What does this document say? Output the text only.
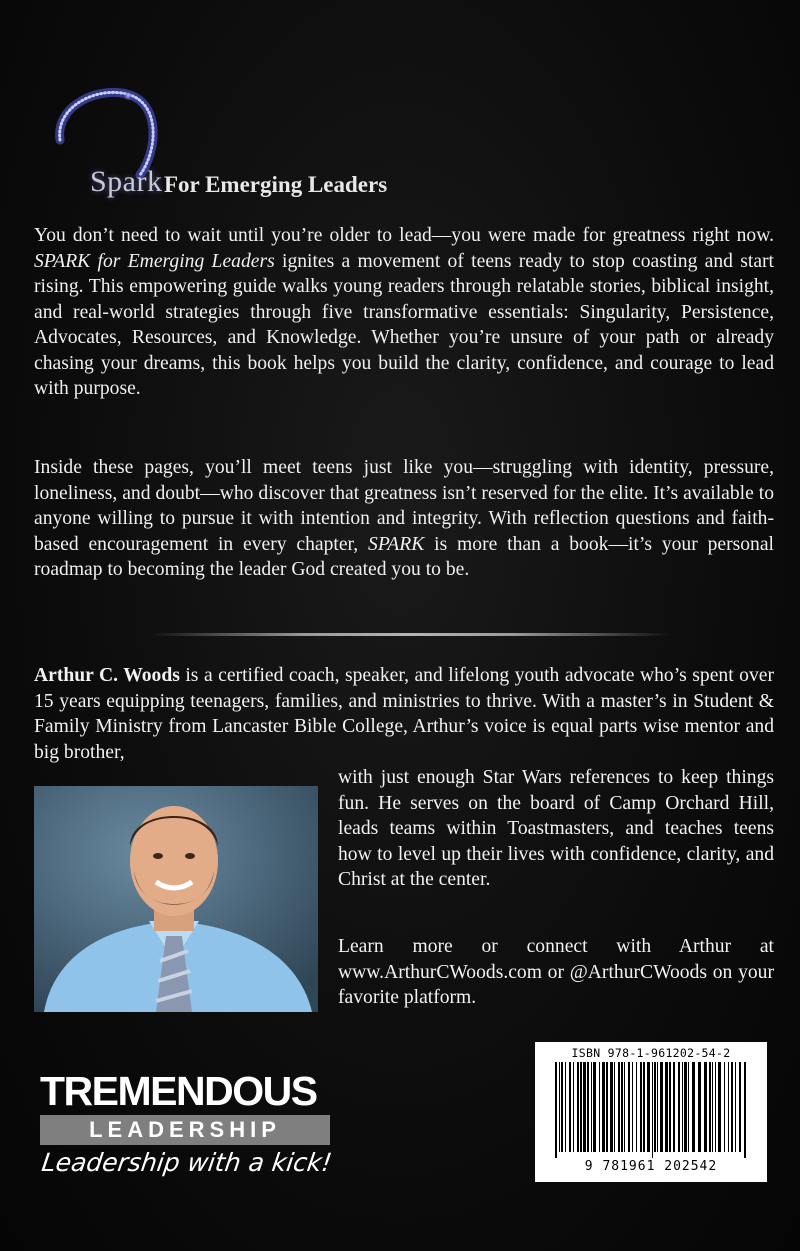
Spark For Emerging Leaders
You don’t need to wait until you’re older to lead—you were made for greatness right now. SPARK for Emerging Leaders ignites a movement of teens ready to stop coasting and start rising. This empowering guide walks young readers through relatable stories, biblical insight, and real-world strategies through five transformative essentials: Singularity, Persistence, Advocates, Resources, and Knowledge. Whether you’re unsure of your path or already chasing your dreams, this book helps you build the clarity, confidence, and courage to lead with purpose.
Inside these pages, you’ll meet teens just like you—struggling with identity, pressure, loneliness, and doubt—who discover that greatness isn’t reserved for the elite. It’s available to anyone willing to pursue it with intention and integrity. With reflection questions and faith-based encouragement in every chapter, SPARK is more than a book—it’s your personal roadmap to becoming the leader God created you to be.
Arthur C. Woods is a certified coach, speaker, and lifelong youth advocate who’s spent over 15 years equipping teenagers, families, and ministries to thrive. With a master’s in Student & Family Ministry from Lancaster Bible College, Arthur’s voice is equal parts wise mentor and big brother,
with just enough Star Wars references to keep things fun. He serves on the board of Camp Orchard Hill, leads teams within Toastmasters, and teaches teens how to level up their lives with confidence, clarity, and Christ at the center.
Learn more or connect with Arthur at www.ArthurCWoods.com or @ArthurCWoods on your favorite platform.
TREMENDOUS
LEADERSHIP
Leadership with a kick!
ISBN 978-1-961202-54-2
9 781961 202542
